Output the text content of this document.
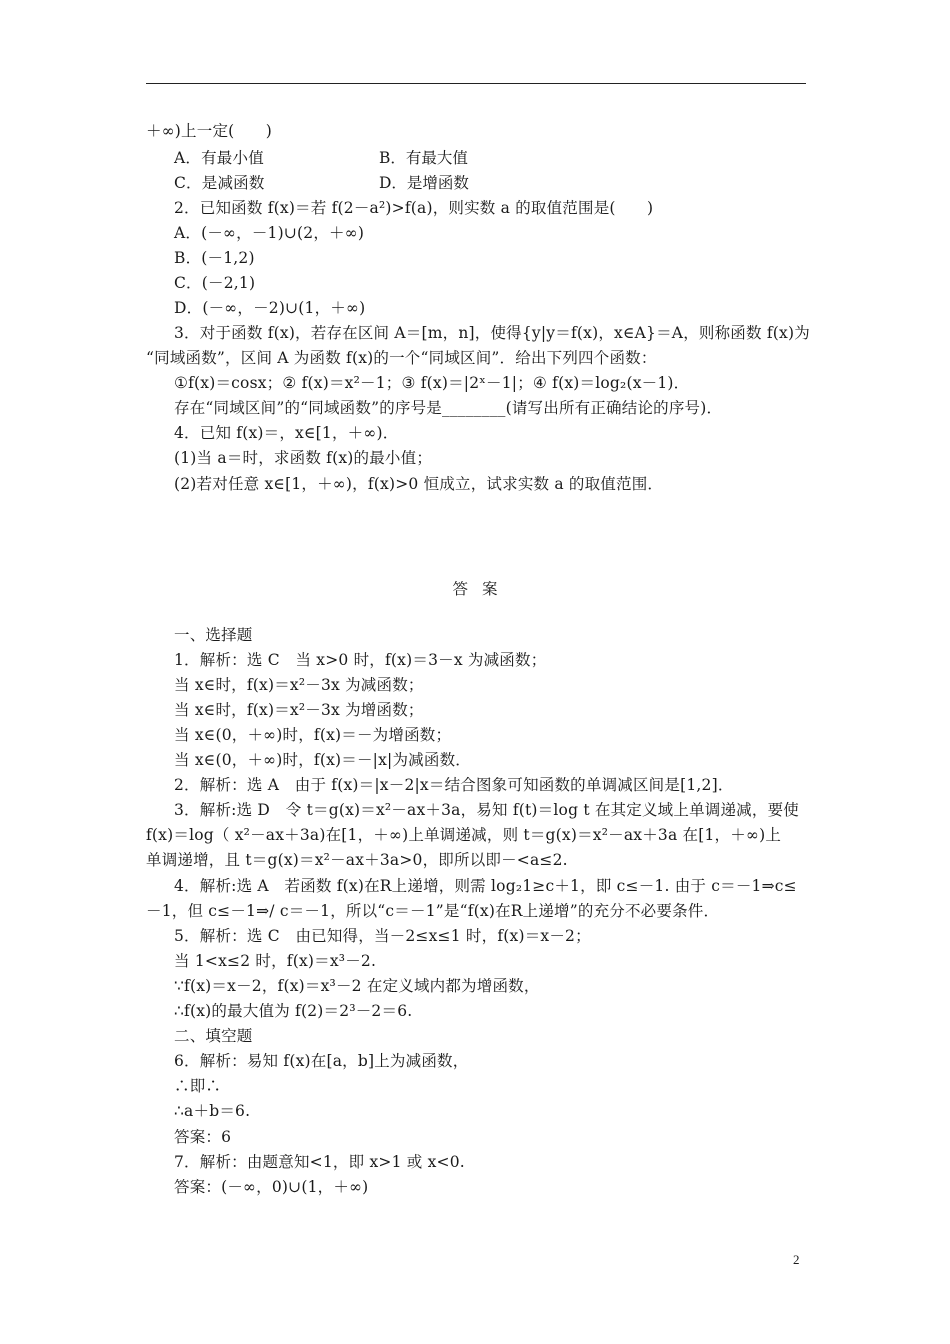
＋∞)上一定(　　)
A．有最小值	B．有最大值
C．是减函数	D．是增函数
2．已知函数 f(x)＝若 f(2－a²)>f(a)，则实数 a 的取值范围是(　　)
A．(－∞，－1)∪(2，＋∞)
B．(－1,2)
C．(－2,1)
D．(－∞，－2)∪(1，＋∞)
3．对于函数 f(x)，若存在区间 A＝[m，n]，使得{y|y＝f(x)，x∈A}＝A，则称函数 f(x)为
“同域函数”，区间 A 为函数 f(x)的一个“同域区间”．给出下列四个函数：
①f(x)＝cosx；② f(x)＝x²－1；③ f(x)＝|2ˣ－1|；④ f(x)＝log₂(x－1)．
存在“同域区间”的“同域函数”的序号是________(请写出所有正确结论的序号)．
4．已知 f(x)＝，x∈[1，＋∞)．
(1)当 a＝时，求函数 f(x)的最小值；
(2)若对任意 x∈[1，＋∞)，f(x)>0 恒成立，试求实数 a 的取值范围．
答案
一、选择题
1．解析：选 C　当 x>0 时，f(x)＝3－x 为减函数；
当 x∈时，f(x)＝x²－3x 为减函数；
当 x∈时，f(x)＝x²－3x 为增函数；
当 x∈(0，＋∞)时，f(x)＝－为增函数；
当 x∈(0，＋∞)时，f(x)＝－|x|为减函数．
2．解析：选 A　由于 f(x)＝|x－2|x＝结合图象可知函数的单调减区间是[1,2]．
3．解析:选 D　令 t＝g(x)＝x²－ax＋3a，易知 f(t)＝log t 在其定义域上单调递减，要使
f(x)＝log（ x²－ax＋3a)在[1，＋∞)上单调递减，则 t＝g(x)＝x²－ax＋3a 在[1，＋∞)上
单调递增，且 t＝g(x)＝x²－ax＋3a>0，即所以即－<a≤2.
4．解析:选 A　若函数 f(x)在R上递增，则需 log₂1≥c＋1，即 c≤－1. 由于 c＝－1⇒c≤
－1，但 c≤－1⇒/ c＝－1，所以“c＝－1”是“f(x)在R上递增”的充分不必要条件．
5．解析：选 C　由已知得，当－2≤x≤1 时，f(x)＝x－2；
当 1<x≤2 时，f(x)＝x³－2.
∵f(x)＝x－2，f(x)＝x³－2 在定义域内都为增函数，
∴f(x)的最大值为 f(2)＝2³－2＝6.
二、填空题
6．解析：易知 f(x)在[a，b]上为减函数，
∴即∴
∴a＋b＝6.
答案：6
7．解析：由题意知<1，即 x>1 或 x<0.
答案：(－∞，0)∪(1，＋∞)
2
